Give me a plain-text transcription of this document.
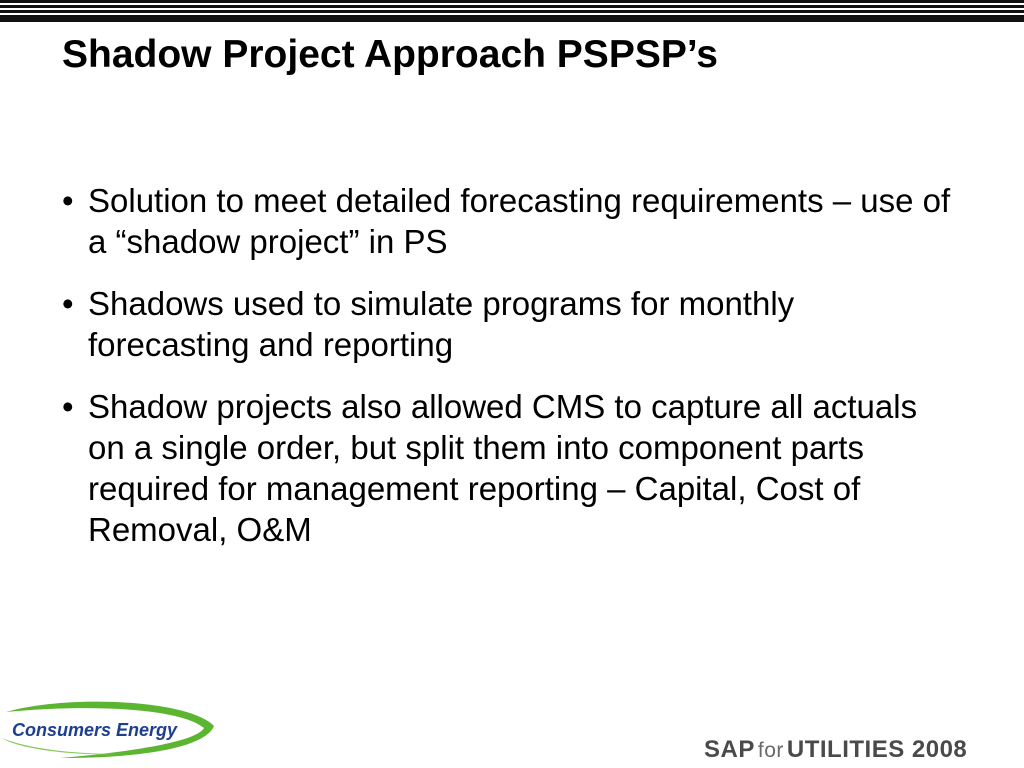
Shadow Project Approach PSPSP’s
• Solution to meet detailed forecasting requirements – use of a “shadow project” in PS
• Shadows used to simulate programs for monthly forecasting and reporting
• Shadow projects also allowed CMS to capture all actuals on a single order, but split them into component parts required for management reporting – Capital, Cost of Removal, O&M
Consumers Energy
SAP for UTILITIES 2008
